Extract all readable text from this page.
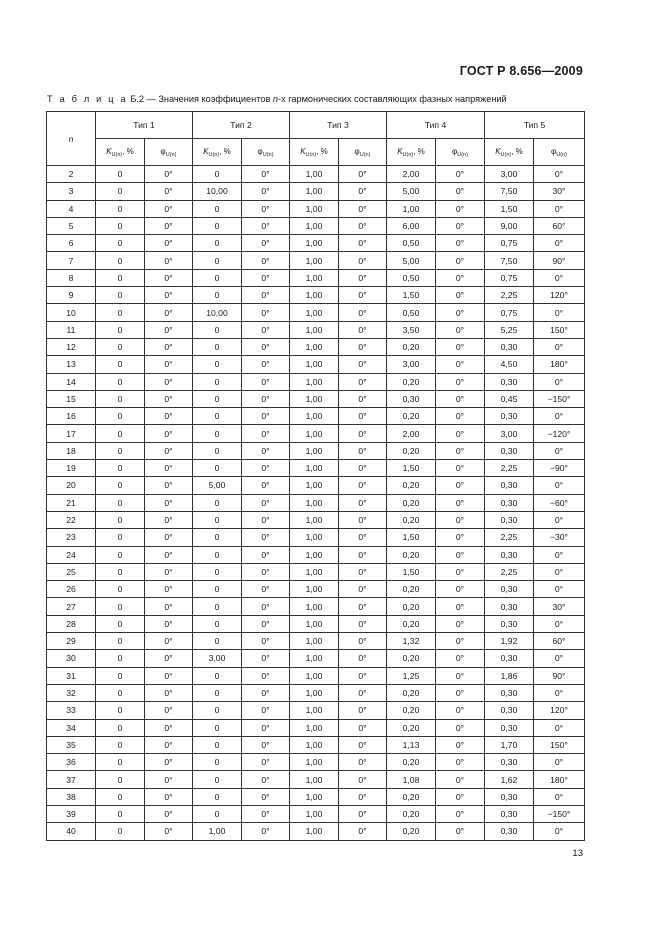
ГОСТ Р 8.656—2009
Т а б л и ц а Б.2 — Значения коэффициентов n-х гармонических составляющих фазных напряжений
n	Тип 1		Тип 2		Тип 3		Тип 4		Тип 5	
	$K_{U(n)}$, %	$\varphi_{U(n)}$	$K_{U(n)}$, %	$\varphi_{U(n)}$	$K_{U(n)}$, %	$\varphi_{U(n)}$	$K_{U(n)}$, %	$\varphi_{U(n)}$	$K_{U(n)}$, %	$\varphi_{U(n)}$
2	0	0°	0	0°	1,00	0°	2,00	0°	3,00	0°
3	0	0°	10,00	0°	1,00	0°	5,00	0°	7,50	30°
4	0	0°	0	0°	1,00	0°	1,00	0°	1,50	0°
5	0	0°	0	0°	1,00	0°	6,00	0°	9,00	60°
6	0	0°	0	0°	1,00	0°	0,50	0°	0,75	0°
7	0	0°	0	0°	1,00	0°	5,00	0°	7,50	90°
8	0	0°	0	0°	1,00	0°	0,50	0°	0,75	0°
9	0	0°	0	0°	1,00	0°	1,50	0°	2,25	120°
10	0	0°	10,00	0°	1,00	0°	0,50	0°	0,75	0°
11	0	0°	0	0°	1,00	0°	3,50	0°	5,25	150°
12	0	0°	0	0°	1,00	0°	0,20	0°	0,30	0°
13	0	0°	0	0°	1,00	0°	3,00	0°	4,50	180°
14	0	0°	0	0°	1,00	0°	0,20	0°	0,30	0°
15	0	0°	0	0°	1,00	0°	0,30	0°	0,45	−150°
16	0	0°	0	0°	1,00	0°	0,20	0°	0,30	0°
17	0	0°	0	0°	1,00	0°	2,00	0°	3,00	−120°
18	0	0°	0	0°	1,00	0°	0,20	0°	0,30	0°
19	0	0°	0	0°	1,00	0°	1,50	0°	2,25	−90°
20	0	0°	5,00	0°	1,00	0°	0,20	0°	0,30	0°
21	0	0°	0	0°	1,00	0°	0,20	0°	0,30	−60°
22	0	0°	0	0°	1,00	0°	0,20	0°	0,30	0°
23	0	0°	0	0°	1,00	0°	1,50	0°	2,25	−30°
24	0	0°	0	0°	1,00	0°	0,20	0°	0,30	0°
25	0	0°	0	0°	1,00	0°	1,50	0°	2,25	0°
26	0	0°	0	0°	1,00	0°	0,20	0°	0,30	0°
27	0	0°	0	0°	1,00	0°	0,20	0°	0,30	30°
28	0	0°	0	0°	1,00	0°	0,20	0°	0,30	0°
29	0	0°	0	0°	1,00	0°	1,32	0°	1,92	60°
30	0	0°	3,00	0°	1,00	0°	0,20	0°	0,30	0°
31	0	0°	0	0°	1,00	0°	1,25	0°	1,86	90°
32	0	0°	0	0°	1,00	0°	0,20	0°	0,30	0°
33	0	0°	0	0°	1,00	0°	0,20	0°	0,30	120°
34	0	0°	0	0°	1,00	0°	0,20	0°	0,30	0°
35	0	0°	0	0°	1,00	0°	1,13	0°	1,70	150°
36	0	0°	0	0°	1,00	0°	0,20	0°	0,30	0°
37	0	0°	0	0°	1,00	0°	1,08	0°	1,62	180°
38	0	0°	0	0°	1,00	0°	0,20	0°	0,30	0°
39	0	0°	0	0°	1,00	0°	0,20	0°	0,30	−150°
40	0	0°	1,00	0°	1,00	0°	0,20	0°	0,30	0°
13
